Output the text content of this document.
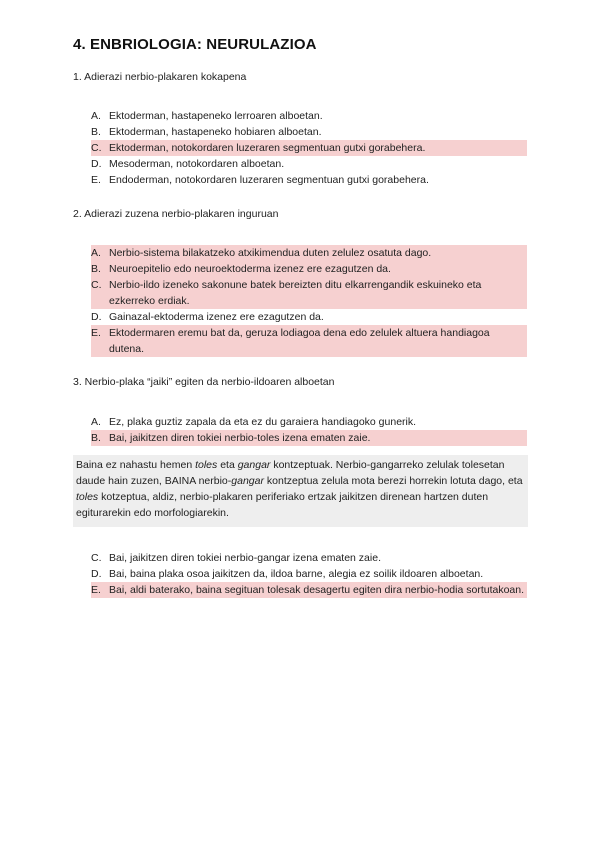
4. ENBRIOLOGIA: NEURULAZIOA
1. Adierazi nerbio-plakaren kokapena
A. Ektoderman, hastapeneko lerroaren alboetan.
B. Ektoderman, hastapeneko hobiaren alboetan.
C. Ektoderman, notokordaren luzeraren segmentuan gutxi gorabehera.
D. Mesoderman, notokordaren alboetan.
E. Endoderman, notokordaren luzeraren segmentuan gutxi gorabehera.
2. Adierazi zuzena nerbio-plakaren inguruan
A. Nerbio-sistema bilakatzeko atxikimendua duten zelulez osatuta dago.
B. Neuroepitelio edo neuroektoderma izenez ere ezagutzen da.
C. Nerbio-ildo izeneko sakonune batek bereizten ditu elkarrengandik eskuineko eta ezkerreko erdiak.
D. Gainazal-ektoderma izenez ere ezagutzen da.
E. Ektodermaren eremu bat da, geruza lodiagoa dena edo zelulek altuera handiagoa dutena.
3. Nerbio-plaka “jaiki” egiten da nerbio-ildoaren alboetan
A. Ez, plaka guztiz zapala da eta ez du garaiera handiagoko gunerik.
B. Bai, jaikitzen diren tokiei nerbio-toles izena ematen zaie.
Baina ez nahastu hemen toles eta gangar kontzeptuak. Nerbio-gangarreko zelulak tolesetan daude hain zuzen, BAINA nerbio-gangar kontzeptua zelula mota berezi horrekin lotuta dago, eta toles kotzeptua, aldiz, nerbio-plakaren periferiako ertzak jaikitzen direnean hartzen duten egiturarekin edo morfologiarekin.
C. Bai, jaikitzen diren tokiei nerbio-gangar izena ematen zaie.
D. Bai, baina plaka osoa jaikitzen da, ildoa barne, alegia ez soilik ildoaren alboetan.
E. Bai, aldi baterako, baina segituan tolesak desagertu egiten dira nerbio-hodia sortutakoan.
